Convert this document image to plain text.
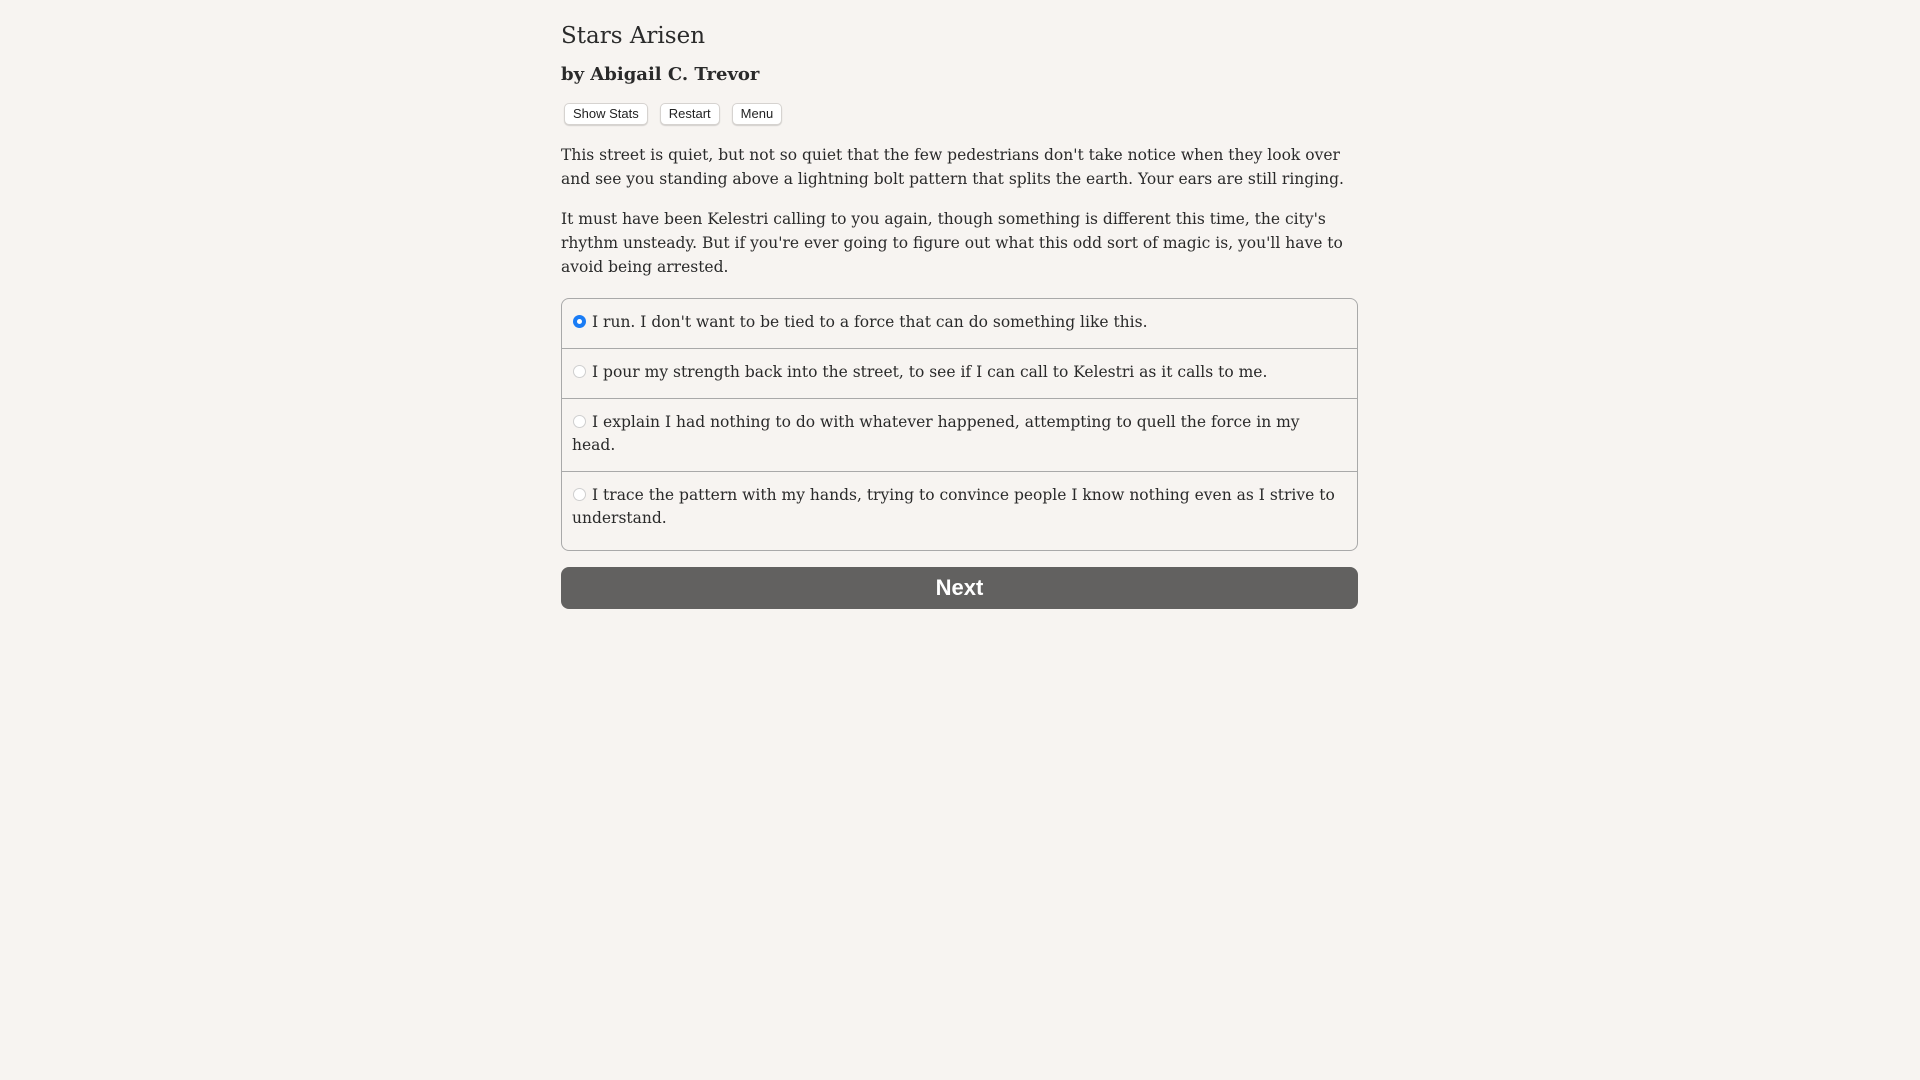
Stars Arisen
by Abigail C. Trevor
Show Stats	Restart	Menu

This street is quiet, but not so quiet that the few pedestrians don't take notice when they look over and see you standing above a lightning bolt pattern that splits the earth. Your ears are still ringing.

It must have been Kelestri calling to you again, though something is different this time, the city's rhythm unsteady. But if you're ever going to figure out what this odd sort of magic is, you'll have to avoid being arrested.

I run. I don't want to be tied to a force that can do something like this.
I pour my strength back into the street, to see if I can call to Kelestri as it calls to me.
I explain I had nothing to do with whatever happened, attempting to quell the force in my head.
I trace the pattern with my hands, trying to convince people I know nothing even as I strive to understand.
Next
